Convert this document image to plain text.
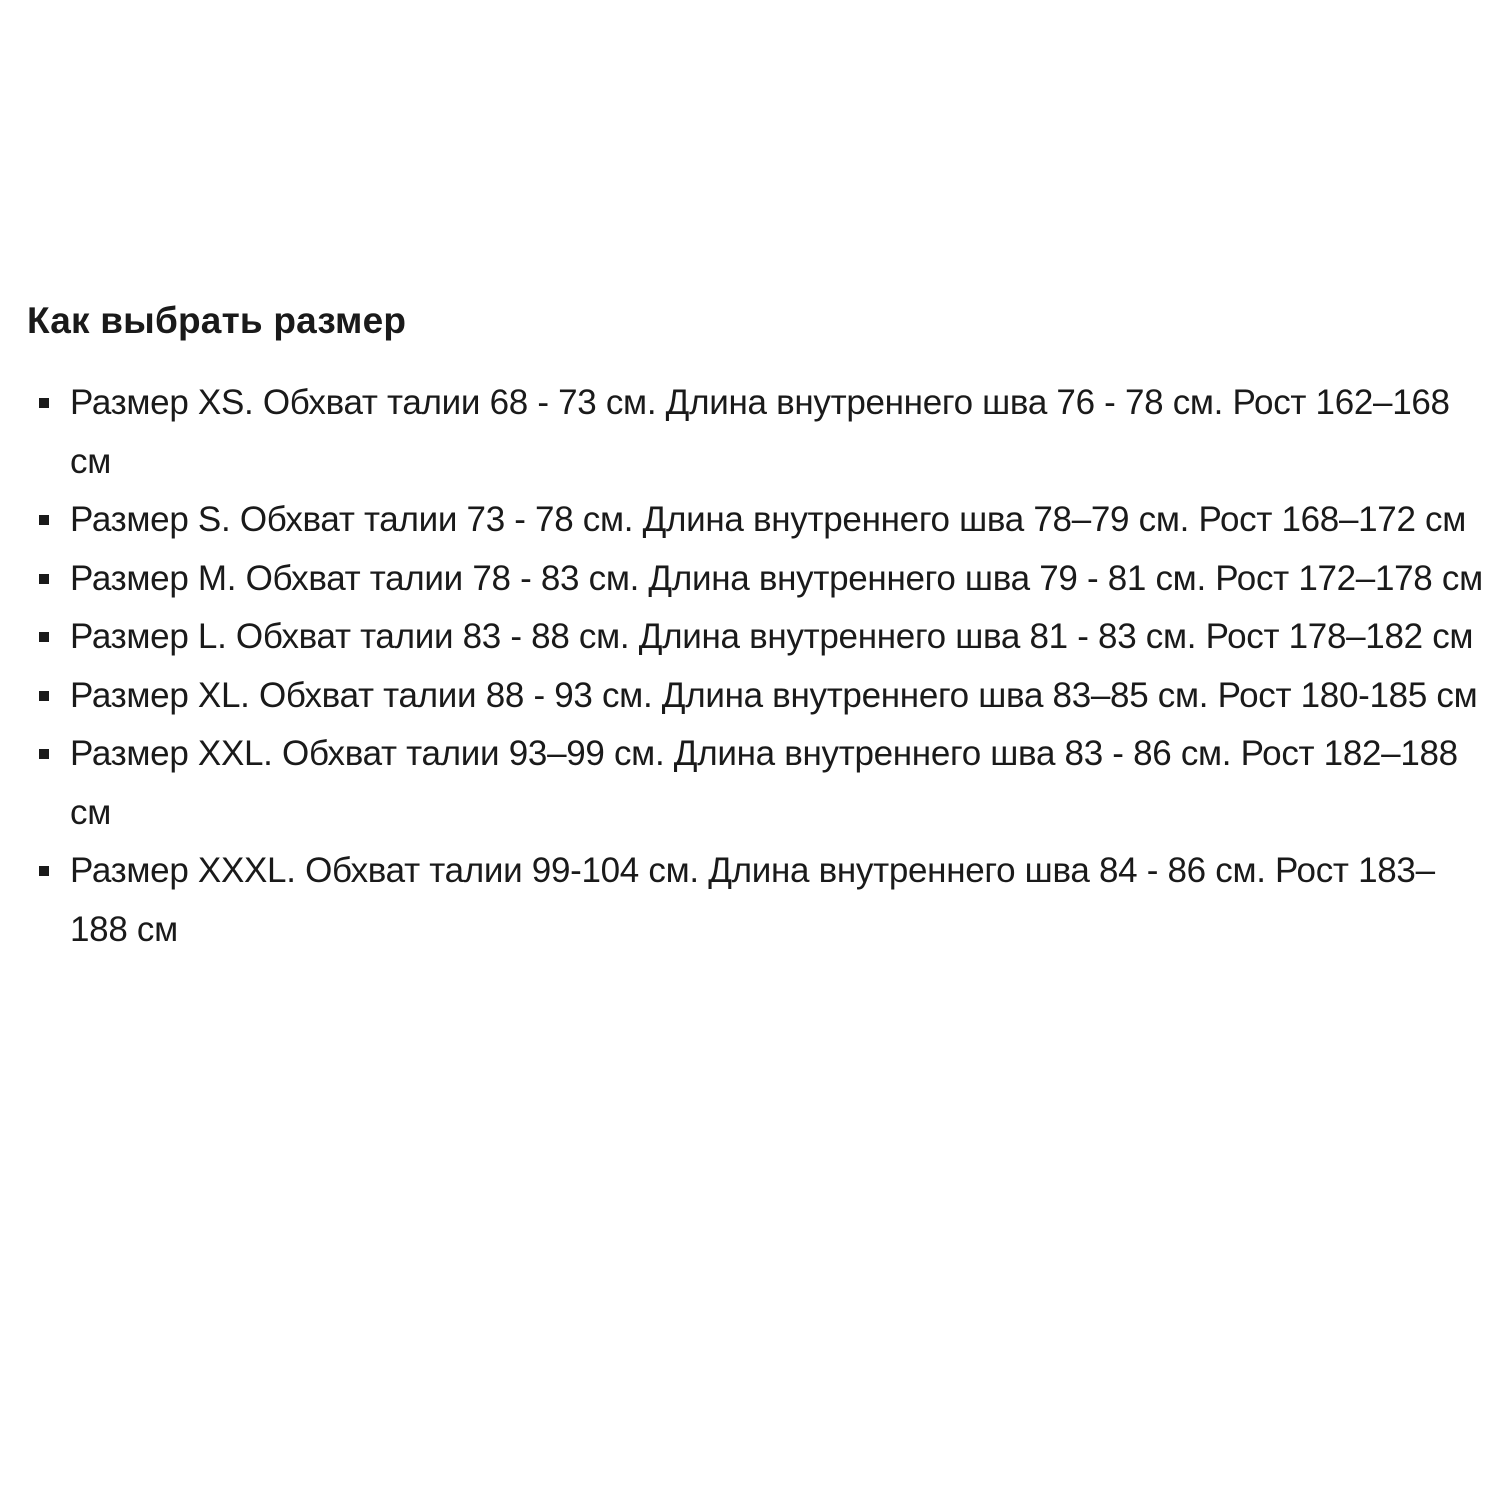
Как выбрать размер
Размер XS. Обхват талии 68 - 73 см. Длина внутреннего шва 76 - 78 см. Рост 162–168 см
Размер S. Обхват талии 73 - 78 см. Длина внутреннего шва 78–79 см. Рост 168–172 см
Размер M. Обхват талии 78 - 83 см. Длина внутреннего шва 79 - 81 см. Рост 172–178 см
Размер L. Обхват талии 83 - 88 см. Длина внутреннего шва 81 - 83 см. Рост 178–182 см
Размер XL. Обхват талии 88 - 93 см. Длина внутреннего шва 83–85 см. Рост 180-185 см
Размер XXL. Обхват талии 93–99 см. Длина внутреннего шва 83 - 86 см. Рост 182–188 см
Размер XXXL. Обхват талии 99-104 см. Длина внутреннего шва 84 - 86 см. Рост 183–188 см
